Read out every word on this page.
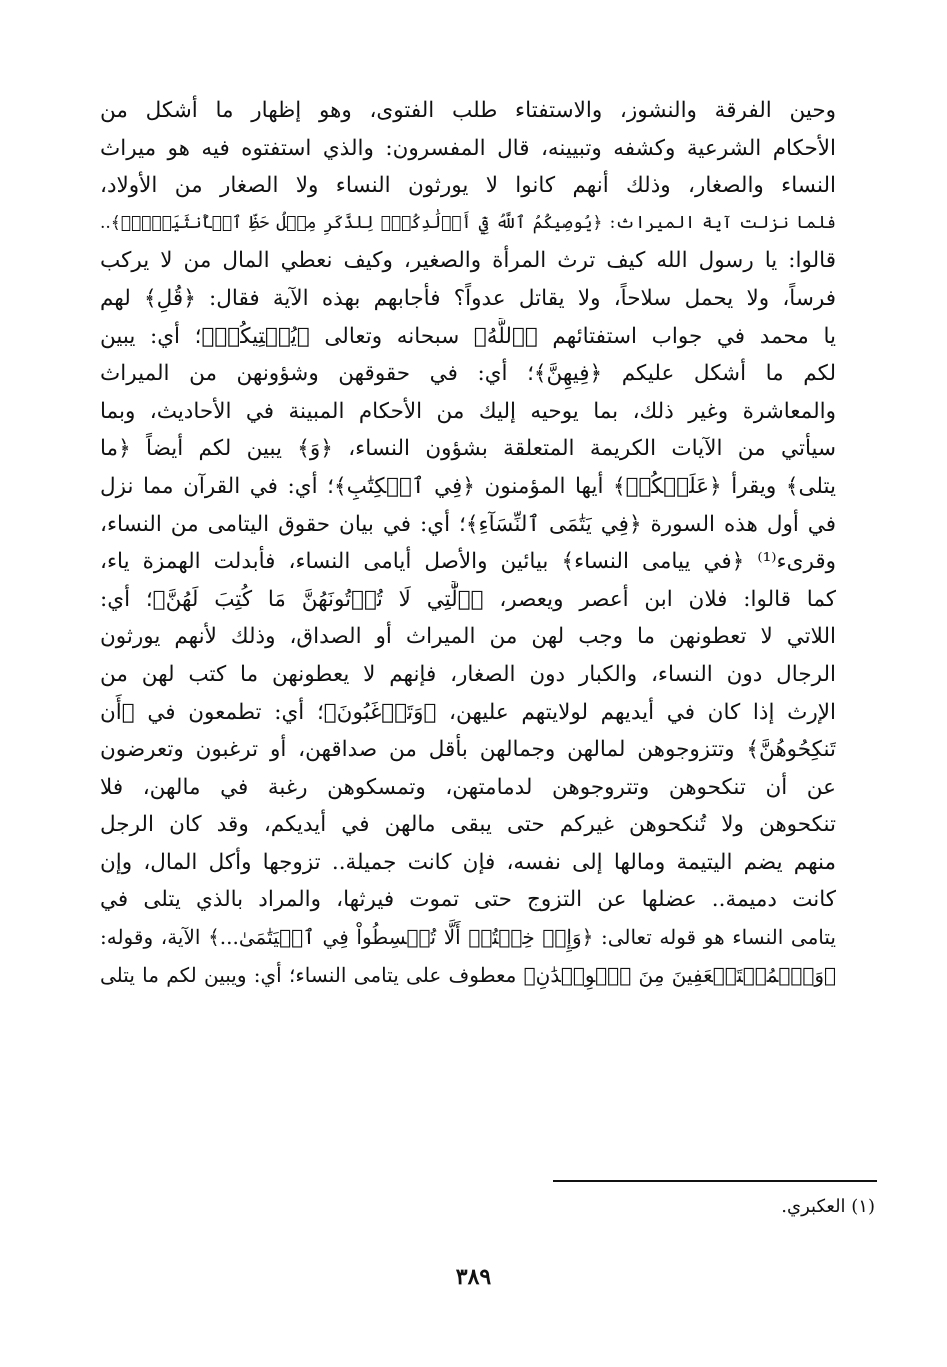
وحين الفرقة والنشوز، والاستفتاء طلب الفتوى، وهو إظهار ما أشكل من
الأحكام الشرعية وكشفه وتبيينه، قال المفسرون: والذي استفتوه فيه هو ميراث
النساء والصغار، وذلك أنهم كانوا لا يورثون النساء ولا الصغار من الأولاد،
فلما نزلت آية الميراث: ﴿يُوصِيكُمُ ٱللَّهُ فِيٓ أَوۡلَٰدِكُمۡۖ لِلذَّكَرِ مِثۡلُ حَظِّ ٱلۡأُنثَيَيۡنِۚ﴾..
قالوا: يا رسول الله كيف ترث المرأة والصغير، وكيف نعطي المال من لا يركب
فرساً، ولا يحمل سلاحاً، ولا يقاتل عدواً؟ فأجابهم بهذه الآية فقال: ﴿قُلِ﴾ لهم
يا محمد في جواب استفتائهم ﴿ٱللَّهُ﴾ سبحانه وتعالى ﴿يُفۡتِيكُمۡ﴾؛ أي: يبين
لكم ما أشكل عليكم ﴿فِيهِنَّ﴾؛ أي: في حقوقهن وشؤونهن من الميراث
والمعاشرة وغير ذلك، بما يوحيه إليك من الأحكام المبينة في الأحاديث، وبما
سيأتي من الآيات الكريمة المتعلقة بشؤون النساء، ﴿وَ﴾ يبين لكم أيضاً ﴿ما
يتلى﴾ ويقرأ ﴿عَلَيۡكُمۡ﴾ أيها المؤمنون ﴿فِي ٱلۡكِتَٰبِ﴾؛ أي: في القرآن مما نزل
في أول هذه السورة ﴿فِي يَتَٰمَى ٱلنِّسَآءِ﴾؛ أي: في بيان حقوق اليتامى من النساء،
وقرىء⁽¹⁾ ﴿في ييامى النساء﴾ بيائين والأصل أيامى النساء، فأبدلت الهمزة ياء،
كما قالوا: فلان ابن أعصر ويعصر، ﴿ٱلَّٰتِي لَا تُؤۡتُونَهُنَّ مَا كُتِبَ لَهُنَّ﴾؛ أي:
اللاتي لا تعطونهن ما وجب لهن من الميراث أو الصداق، وذلك لأنهم يورثون
الرجال دون النساء، والكبار دون الصغار، فإنهم لا يعطونهن ما كتب لهن من
الإرث إذا كان في أيديهم لولايتهم عليهن، ﴿وَتَرۡغَبُونَ﴾؛ أي: تطمعون في ﴿أَن
تَنكِحُوهُنَّ﴾ وتتزوجوهن لمالهن وجمالهن بأقل من صداقهن، أو ترغبون وتعرضون
عن أن تنكحوهن وتتروجوهن لدمامتهن، وتمسكوهن رغبة في مالهن، فلا
تنكحوهن ولا تُنكحوهن غيركم حتى يبقى مالهن في أيديكم، وقد كان الرجل
منهم يضم اليتيمة ومالها إلى نفسه، فإن كانت جميلة.. تزوجها وأكل المال، وإن
كانت دميمة.. عضلها عن التزوج حتى تموت فيرثها، والمراد بالذي يتلى في
يتامى النساء هو قوله تعالى: ﴿وَإِنۡ خِفۡتُمۡ أَلَّا تُقۡسِطُواْ فِي ٱلۡيَتَٰمَىٰ...﴾ الآية، وقوله:
﴿وَٱلۡمُسۡتَضۡعَفِينَ مِنَ ٱلۡوِلۡدَٰنِ﴾ معطوف على يتامى النساء؛ أي: ويبين لكم ما يتلى
(١) العكبري.
٣٨٩
